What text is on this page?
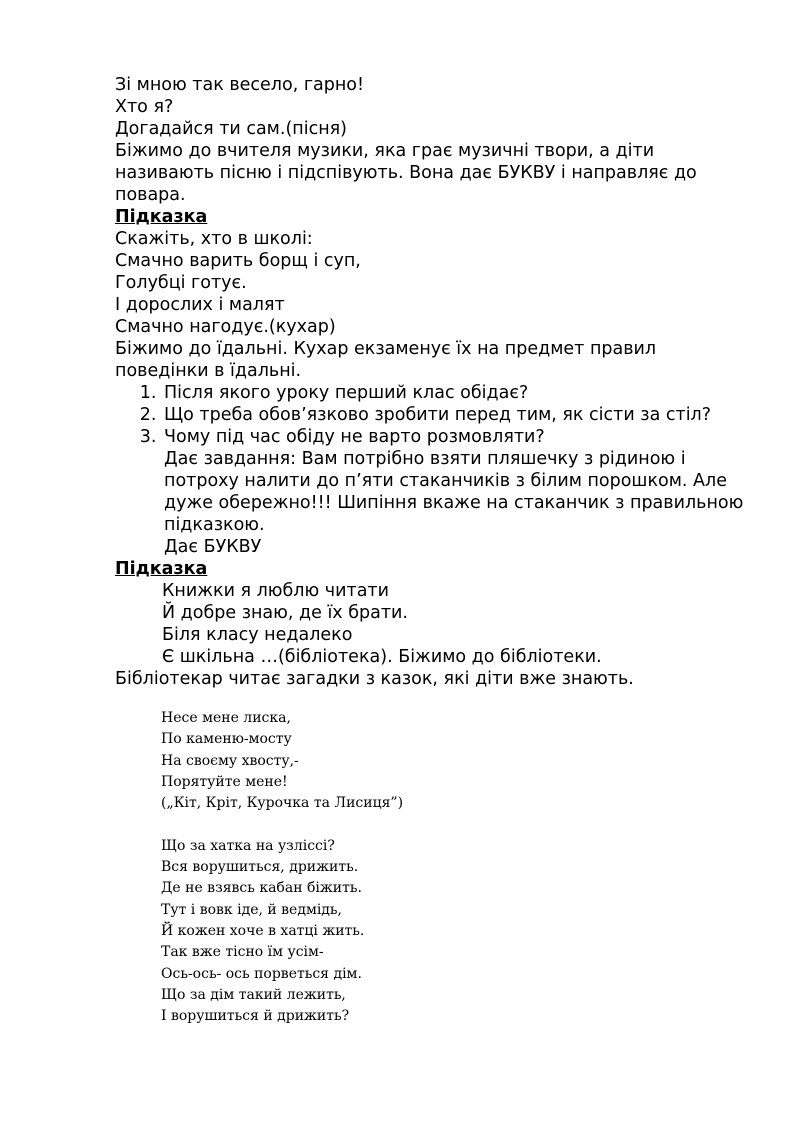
Зі мною так весело, гарно!

Хто я?

Догадайся ти сам.(пісня)

Біжимо до вчителя музики, яка грає музичні твори, а діти називають пісню і підспівують. Вона дає БУКВУ і направляє до повара.

Підказка

Скажіть, хто в школі:

Смачно варить борщ і суп,

Голубці готує.

І дорослих і малят

Смачно нагодує.(кухар)

Біжимо до їдальні. Кухар екзаменує їх на предмет правил поведінки в їдальні.

1. Після якого уроку перший клас обідає?
2. Що треба обов’язково зробити перед тим, як сісти за стіл?
3. Чому під час обіду не варто розмовляти?

Дає завдання: Вам потрібно взяти пляшечку з рідиною і потроху налити до п’яти стаканчиків з білим порошком. Але дуже обережно!!! Шипіння вкаже на стаканчик з правильною підказкою.

Дає БУКВУ

Підказка

Книжки я люблю читати

Й добре знаю, де їх брати.

Біля класу недалеко

Є шкільна …(бібліотека). Біжимо до бібліотеки.

Бібліотекар читає загадки з казок, які діти вже знають.

Несе мене лиска,

По каменю-мосту

На своєму хвосту,-

Порятуйте мене!

(„Кіт, Кріт, Курочка та Лисиця”)

Що за хатка на узліссі?

Вся ворушиться, дрижить.

Де не взявсь кабан біжить.

Тут і вовк іде, й ведмідь,

Й кожен хоче в хатці жить.

Так вже тісно їм усім-

Ось-ось- ось порветься дім.

Що за дім такий лежить,

І ворушиться й дрижить?
